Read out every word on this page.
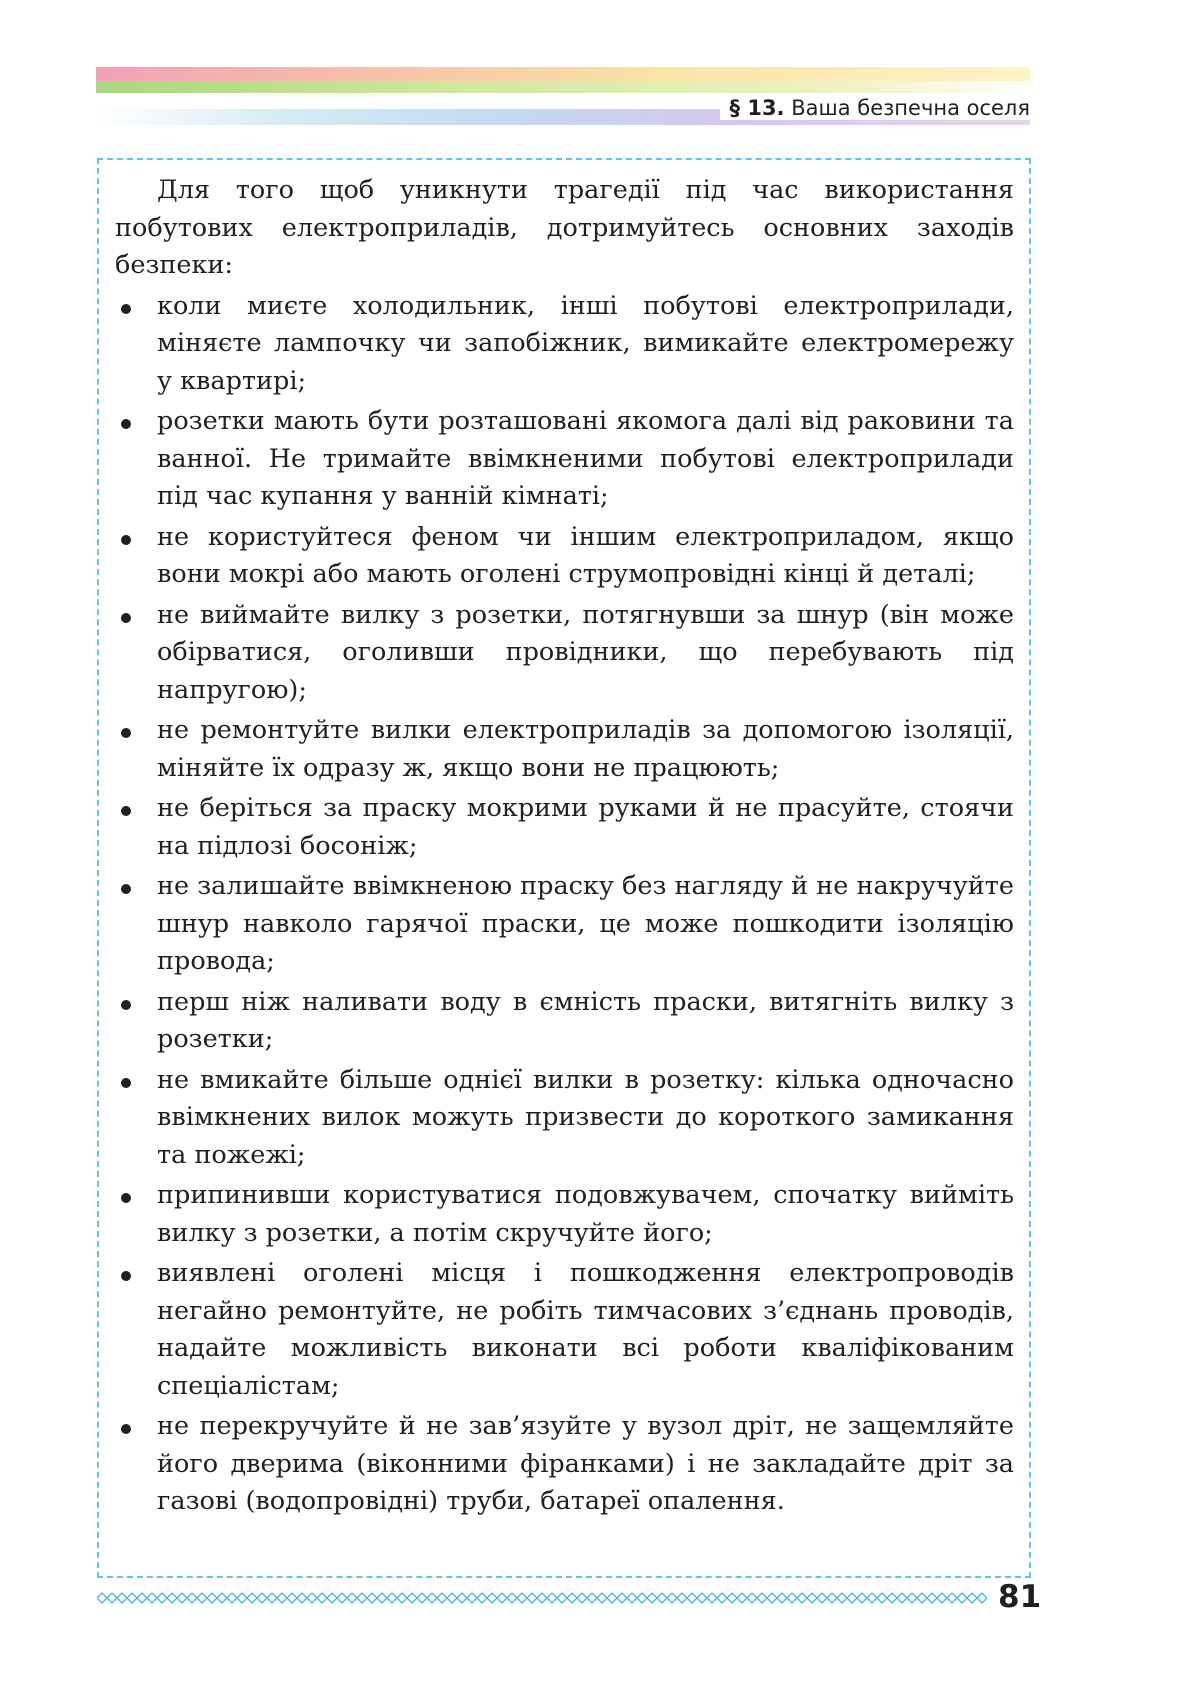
§ 13. Ваша безпечна оселя

Для того щоб уникнути трагедії під час використання побутових електроприладів, дотримуйтесь основних заходів безпеки:

коли миєте холодильник, інші побутові електроприлади, міняєте лампочку чи запобіжник, вимикайте електромережу у квартирі;
розетки мають бути розташовані якомога далі від раковини та ванної. Не тримайте ввімкненими побутові електроприлади під час купання у ванній кімнаті;
не користуйтеся феном чи іншим електроприладом, якщо вони мокрі або мають оголені струмопровідні кінці й деталі;
не виймайте вилку з розетки, потягнувши за шнур (він може обірватися, оголивши провідники, що перебувають під напругою);
не ремонтуйте вилки електроприладів за допомогою ізоляції, міняйте їх одразу ж, якщо вони не працюють;
не беріться за праску мокрими руками й не прасуйте, стоячи на підлозі босоніж;
не залишайте ввімкненою праску без нагляду й не накручуйте шнур навколо гарячої праски, це може пошкодити ізоляцію провода;
перш ніж наливати воду в ємність праски, витягніть вилку з розетки;
не вмикайте більше однієї вилки в розетку: кілька одночасно ввімкнених вилок можуть призвести до короткого замикання та пожежі;
припинивши користуватися подовжувачем, спочатку вийміть вилку з розетки, а потім скручуйте його;
виявлені оголені місця і пошкодження електропроводів негайно ремонтуйте, не робіть тимчасових з’єднань проводів, надайте можливість виконати всі роботи кваліфікованим спеціалістам;
не перекручуйте й не зав’язуйте у вузол дріт, не защемляйте його дверима (віконними фіранками) і не закладайте дріт за газові (водопровідні) труби, батареї опалення.
81
